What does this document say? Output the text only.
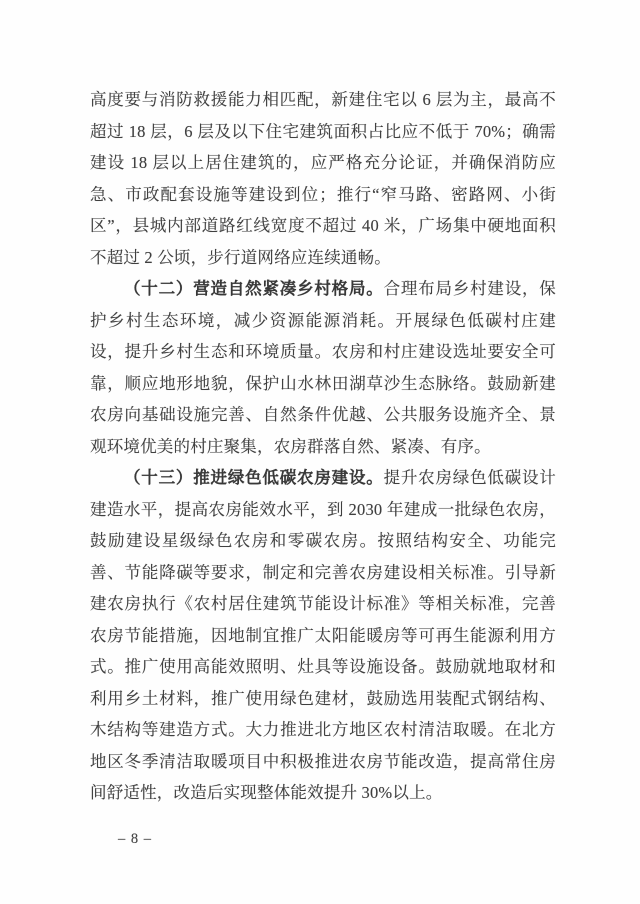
高度要与消防救援能力相匹配，新建住宅以 6 层为主，最高不超过 18 层，6 层及以下住宅建筑面积占比应不低于 70%；确需建设 18 层以上居住建筑的，应严格充分论证，并确保消防应急、市政配套设施等建设到位；推行“窄马路、密路网、小街区”，县城内部道路红线宽度不超过 40 米，广场集中硬地面积不超过 2 公顷，步行道网络应连续通畅。

（十二）营造自然紧凑乡村格局。合理布局乡村建设，保护乡村生态环境，减少资源能源消耗。开展绿色低碳村庄建设，提升乡村生态和环境质量。农房和村庄建设选址要安全可靠，顺应地形地貌，保护山水林田湖草沙生态脉络。鼓励新建农房向基础设施完善、自然条件优越、公共服务设施齐全、景观环境优美的村庄聚集，农房群落自然、紧凑、有序。

（十三）推进绿色低碳农房建设。提升农房绿色低碳设计建造水平，提高农房能效水平，到 2030 年建成一批绿色农房，鼓励建设星级绿色农房和零碳农房。按照结构安全、功能完善、节能降碳等要求，制定和完善农房建设相关标准。引导新建农房执行《农村居住建筑节能设计标准》等相关标准，完善农房节能措施，因地制宜推广太阳能暖房等可再生能源利用方式。推广使用高能效照明、灶具等设施设备。鼓励就地取材和利用乡土材料，推广使用绿色建材，鼓励选用装配式钢结构、木结构等建造方式。大力推进北方地区农村清洁取暖。在北方地区冬季清洁取暖项目中积极推进农房节能改造，提高常住房间舒适性，改造后实现整体能效提升 30%以上。

– 8 –
